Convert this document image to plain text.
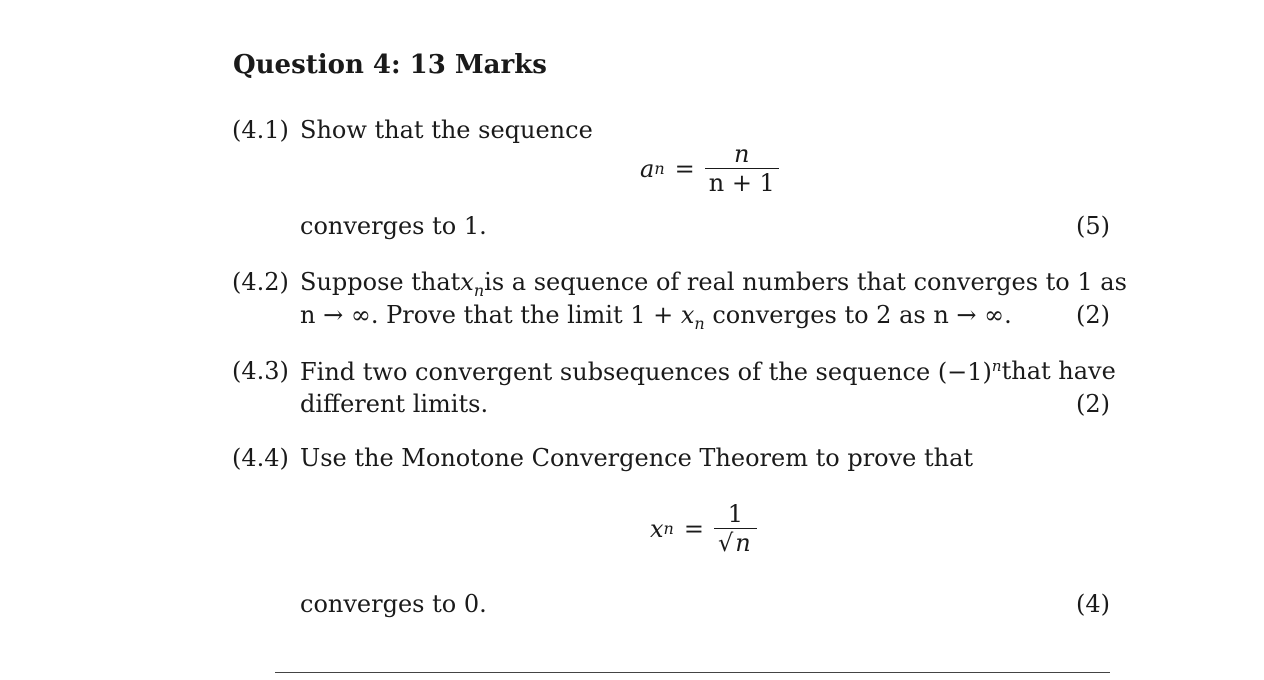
Question 4: 13 Marks
(4.1) Show that the sequence
a $n = \frac{n}{n + 1}$
converges to 1.	(5)
(4.2) Suppose that $x_n$ is a sequence of real numbers that converges to 1 as
n → ∞. Prove that the limit $1 + x_n$ converges to 2 as n → ∞.	(2)
(4.3) Find two convergent subsequences of the sequence $(-1)^n$ that have
different limits.	(2)
(4.4) Use the Monotone Convergence Theorem to prove that
x $n = \frac{1}{√n}$
converges to 0.	(4)
